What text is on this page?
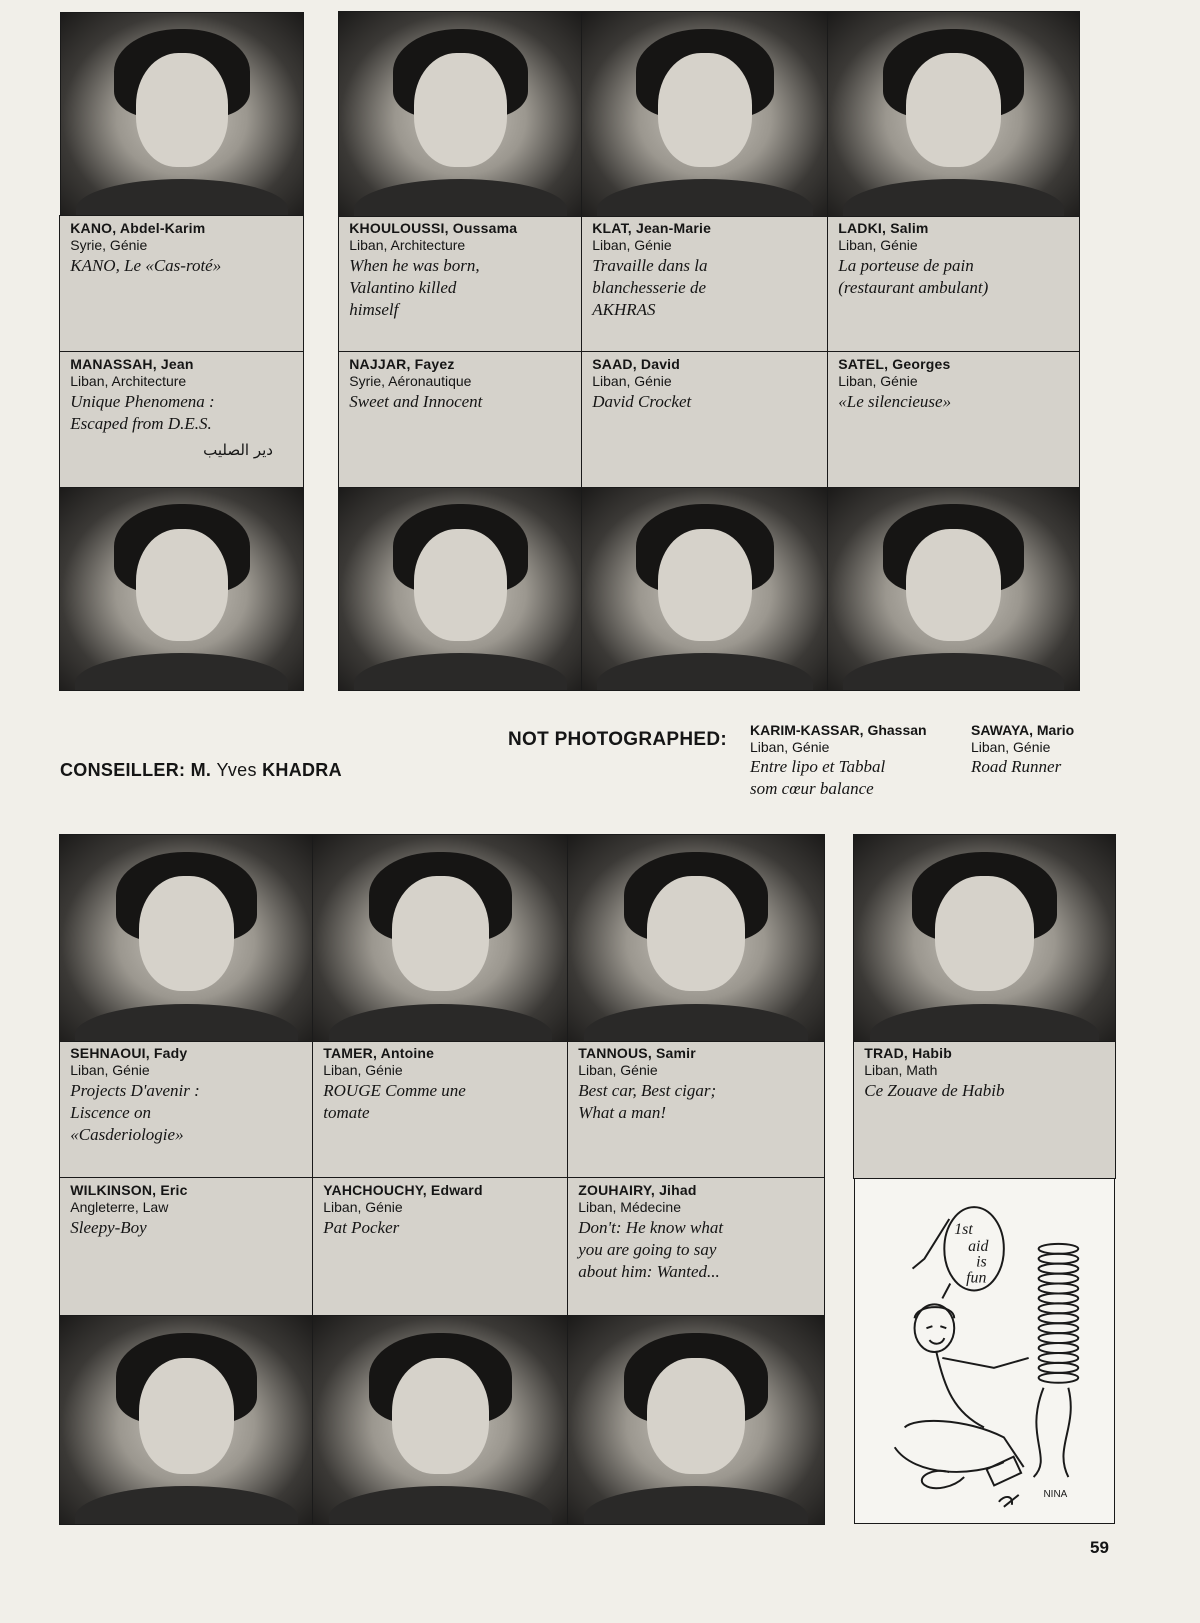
KANO, Abdel-Karim
Syrie, Génie
KANO, Le «Cas-roté»
KHOULOUSSI, Oussama
Liban, Architecture
When he was born,
Valantino killed
himself
KLAT, Jean-Marie
Liban, Génie
Travaille dans la
blanchesserie de
AKHRAS
LADKI, Salim
Liban, Génie
La porteuse de pain
(restaurant ambulant)
MANASSAH, Jean
Liban, Architecture
Unique Phenomena :
Escaped from D.E.S.
دير الصليب
NAJJAR, Fayez
Syrie, Aéronautique
Sweet and Innocent
SAAD, David
Liban, Génie
David Crocket
SATEL, Georges
Liban, Génie
«Le silencieuse»
NOT PHOTOGRAPHED: KARIM-KASSAR, Ghassan
Liban, Génie
Entre lipo et Tabbal
som cœur balance
SAWAYA, Mario
Liban, Génie
Road Runner
CONSEILLER: M. Yves KHADRA
SEHNAOUI, Fady
Liban, Génie
Projects D'avenir :
Liscence on
«Casderiologie»
TAMER, Antoine
Liban, Génie
ROUGE Comme une
tomate
TANNOUS, Samir
Liban, Génie
Best car, Best cigar;
What a man!
TRAD, Habib
Liban, Math
Ce Zouave de Habib
WILKINSON, Eric
Angleterre, Law
Sleepy-Boy
YAHCHOUCHY, Edward
Liban, Génie
Pat Pocker
ZOUHAIRY, Jihad
Liban, Médecine
Don't: He know what
you are going to say
about him: Wanted...
1st
aid
is
fun
NINA
59
